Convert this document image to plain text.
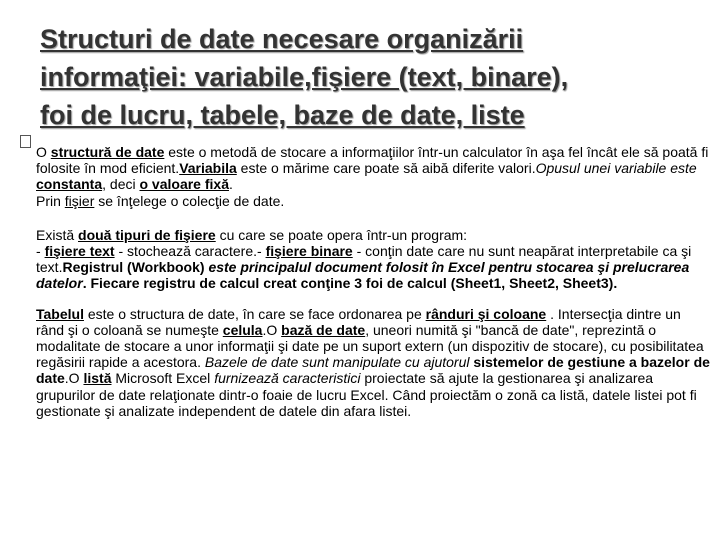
Structuri de date necesare organizării
informaţiei: variabile,fişiere (text, binare),
foi de lucru, tabele, baze de date, liste

O structură de date este o metodă de stocare a informaţiilor într-un calculator în aşa fel încât ele să poată fi folosite în mod eficient.Variabila este o mărime care poate să aibă diferite valori.Opusul unei variabile este constanta, deci o valoare fixă.

Prin fişier se înţelege o colecţie de date.

Există două tipuri de fişiere cu care se poate opera într-un program:

- fişiere text - stochează caractere.- fişiere binare - conţin date care nu sunt neapărat interpretabile ca şi text.Registrul (Workbook) este principalul document folosit în Excel pentru stocarea şi prelucrarea datelor. Fiecare registru de calcul creat conţine 3 foi de calcul (Sheet1, Sheet2, Sheet3).

Tabelul este o structura de date, în care se face ordonarea pe rânduri şi coloane . Intersecţia dintre un rând şi o coloană se numeşte celula.O bază de date, uneori numită şi "bancă de date", reprezintă o modalitate de stocare a unor informaţii şi date pe un suport extern (un dispozitiv de stocare), cu posibilitatea regăsirii rapide a acestora. Bazele de date sunt manipulate cu ajutorul sistemelor de gestiune a bazelor de date.O listă Microsoft Excel furnizează caracteristici proiectate să ajute la gestionarea şi analizarea grupurilor de date relaţionate dintr-o foaie de lucru Excel. Când proiectăm o zonă ca listă, datele listei pot fi gestionate şi analizate independent de datele din afara listei.
